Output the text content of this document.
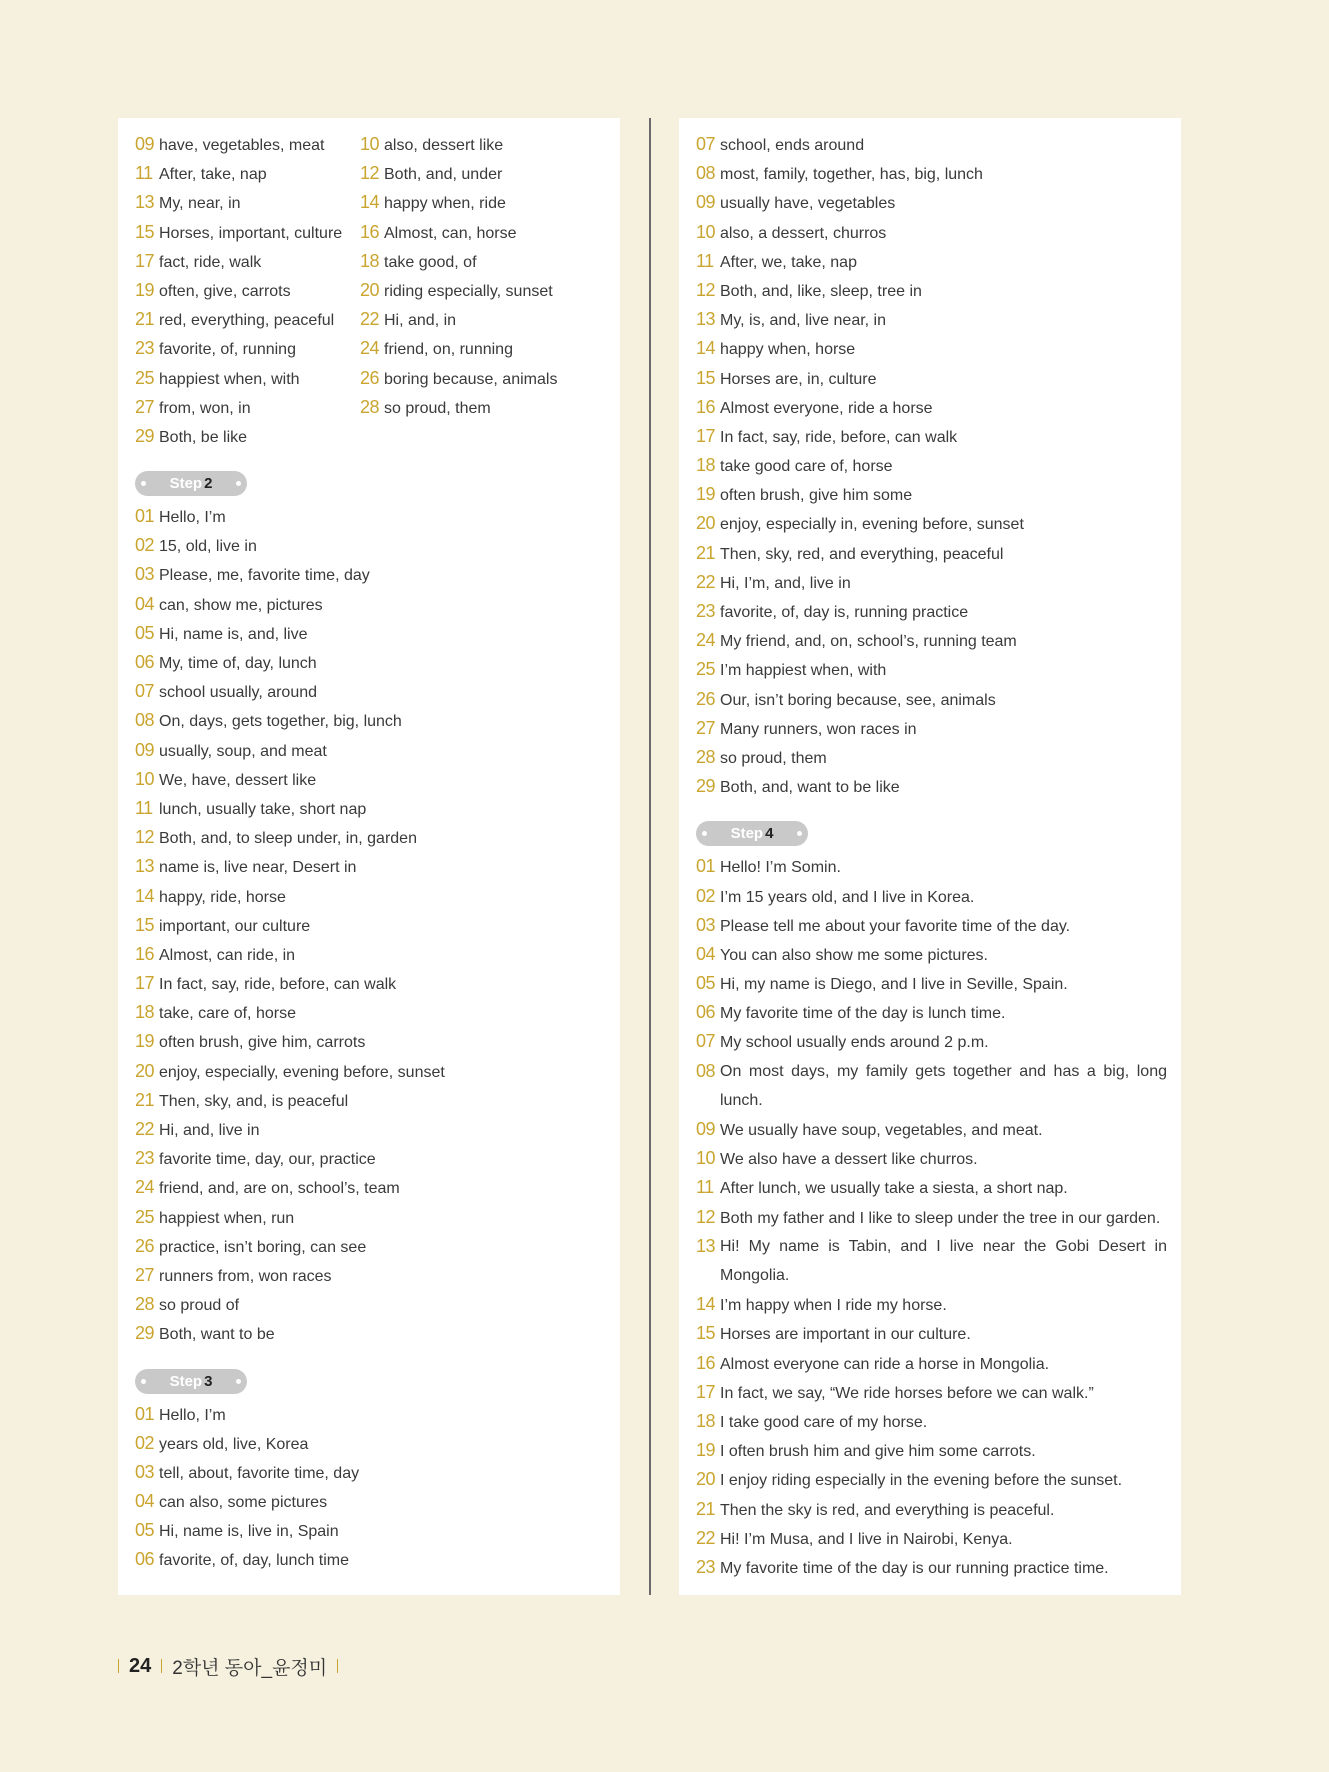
09 have, vegetables, meat	10 also, dessert like
11 After, take, nap	12 Both, and, under
13 My, near, in	14 happy when, ride
15 Horses, important, culture 16 Almost, can, horse
17 fact, ride, walk	18 take good, of
19 often, give, carrots	20 riding especially, sunset
21 red, everything, peaceful	22 Hi, and, in
23 favorite, of, running	24 friend, on, running
25 happiest when, with	26 boring because, animals
27 from, won, in	28 so proud, them
29 Both, be like
Step 2
01 Hello, I’m
02 15, old, live in
03 Please, me, favorite time, day
04 can, show me, pictures
05 Hi, name is, and, live
06 My, time of, day, lunch
07 school usually, around
08 On, days, gets together, big, lunch
09 usually, soup, and meat
10 We, have, dessert like
11 lunch, usually take, short nap
12 Both, and, to sleep under, in, garden
13 name is, live near, Desert in
14 happy, ride, horse
15 important, our culture
16 Almost, can ride, in
17 In fact, say, ride, before, can walk
18 take, care of, horse
19 often brush, give him, carrots
20 enjoy, especially, evening before, sunset
21 Then, sky, and, is peaceful
22 Hi, and, live in
23 favorite time, day, our, practice
24 friend, and, are on, school’s, team
25 happiest when, run
26 practice, isn’t boring, can see
27 runners from, won races
28 so proud of
29 Both, want to be
Step 3
01 Hello, I’m
02 years old, live, Korea
03 tell, about, favorite time, day
04 can also, some pictures
05 Hi, name is, live in, Spain
06 favorite, of, day, lunch time
07 school, ends around
08 most, family, together, has, big, lunch
09 usually have, vegetables
10 also, a dessert, churros
11 After, we, take, nap
12 Both, and, like, sleep, tree in
13 My, is, and, live near, in
14 happy when, horse
15 Horses are, in, culture
16 Almost everyone, ride a horse
17 In fact, say, ride, before, can walk
18 take good care of, horse
19 often brush, give him some
20 enjoy, especially in, evening before, sunset
21 Then, sky, red, and everything, peaceful
22 Hi, I’m, and, live in
23 favorite, of, day is, running practice
24 My friend, and, on, school’s, running team
25 I’m happiest when, with
26 Our, isn’t boring because, see, animals
27 Many runners, won races in
28 so proud, them
29 Both, and, want to be like
Step 4
01 Hello! I’m Somin.
02 I’m 15 years old, and I live in Korea.
03 Please tell me about your favorite time of the day.
04 You can also show me some pictures.
05 Hi, my name is Diego, and I live in Seville, Spain.
06 My favorite time of the day is lunch time.
07 My school usually ends around 2 p.m.
08 On most days, my family gets together and has a big, long lunch.
09 We usually have soup, vegetables, and meat.
10 We also have a dessert like churros.
11 After lunch, we usually take a siesta, a short nap.
12 Both my father and I like to sleep under the tree in our garden.
13 Hi! My name is Tabin, and I live near the Gobi Desert in Mongolia.
14 I’m happy when I ride my horse.
15 Horses are important in our culture.
16 Almost everyone can ride a horse in Mongolia.
17 In fact, we say, “We ride horses before we can walk.”
18 I take good care of my horse.
19 I often brush him and give him some carrots.
20 I enjoy riding especially in the evening before the sunset.
21 Then the sky is red, and everything is peaceful.
22 Hi! I’m Musa, and I live in Nairobi, Kenya.
23 My favorite time of the day is our running practice time.
24 2학년 동아_윤정미
